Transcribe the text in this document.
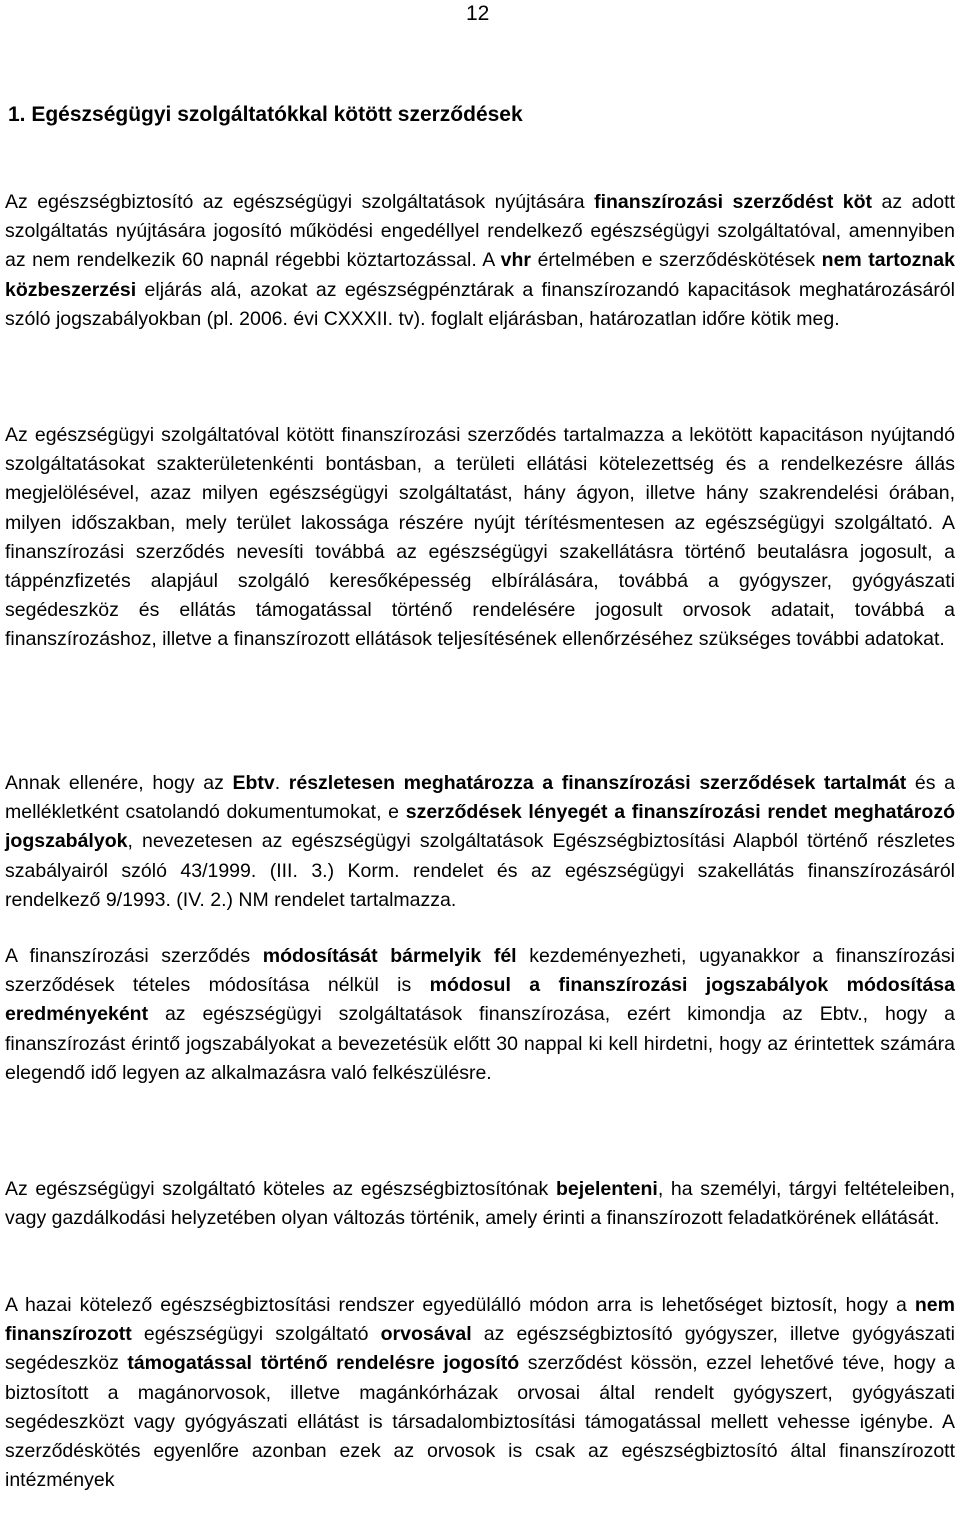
12
1. Egészségügyi szolgáltatókkal kötött szerződések

Az egészségbiztosító az egészségügyi szolgáltatások nyújtására finanszírozási szerződést köt az adott szolgáltatás nyújtására jogosító működési engedéllyel rendelkező egészségügyi szolgáltatóval, amennyiben az nem rendelkezik 60 napnál régebbi köztartozással. A vhr értelmében e szerződéskötések nem tartoznak közbeszerzési eljárás alá, azokat az egészségpénztárak a finanszírozandó kapacitások meghatározásáról szóló jogszabályokban (pl. 2006. évi CXXXII. tv). foglalt eljárásban, határozatlan időre kötik meg.

Az egészségügyi szolgáltatóval kötött finanszírozási szerződés tartalmazza a lekötött kapacitáson nyújtandó szolgáltatásokat szakterületenkénti bontásban, a területi ellátási kötelezettség és a rendelkezésre állás megjelölésével, azaz milyen egészségügyi szolgáltatást, hány ágyon, illetve hány szakrendelési órában, milyen időszakban, mely terület lakossága részére nyújt térítésmentesen az egészségügyi szolgáltató. A finanszírozási szerződés nevesíti továbbá az egészségügyi szakellátásra történő beutalásra jogosult, a táppénzfizetés alapjául szolgáló keresőképesség elbírálására, továbbá a gyógyszer, gyógyászati segédeszköz és ellátás támogatással történő rendelésére jogosult orvosok adatait, továbbá a finanszírozáshoz, illetve a finanszírozott ellátások teljesítésének ellenőrzéséhez szükséges további adatokat.

Annak ellenére, hogy az Ebtv. részletesen meghatározza a finanszírozási szerződések tartalmát és a mellékletként csatolandó dokumentumokat, e szerződések lényegét a finanszírozási rendet meghatározó jogszabályok, nevezetesen az egészségügyi szolgáltatások Egészségbiztosítási Alapból történő részletes szabályairól szóló 43/1999. (III. 3.) Korm. rendelet és az egészségügyi szakellátás finanszírozásáról rendelkező 9/1993. (IV. 2.) NM rendelet tartalmazza.

A finanszírozási szerződés módosítását bármelyik fél kezdeményezheti, ugyanakkor a finanszírozási szerződések tételes módosítása nélkül is módosul a finanszírozási jogszabályok módosítása eredményeként az egészségügyi szolgáltatások finanszírozása, ezért kimondja az Ebtv., hogy a finanszírozást érintő jogszabályokat a bevezetésük előtt 30 nappal ki kell hirdetni, hogy az érintettek számára elegendő idő legyen az alkalmazásra való felkészülésre.

Az egészségügyi szolgáltató köteles az egészségbiztosítónak bejelenteni, ha személyi, tárgyi feltételeiben, vagy gazdálkodási helyzetében olyan változás történik, amely érinti a finanszírozott feladatkörének ellátását.

A hazai kötelező egészségbiztosítási rendszer egyedülálló módon arra is lehetőséget biztosít, hogy a nem finanszírozott egészségügyi szolgáltató orvosával az egészségbiztosító gyógyszer, illetve gyógyászati segédeszköz támogatással történő rendelésre jogosító szerződést kössön, ezzel lehetővé téve, hogy a biztosított a magánorvosok, illetve magánkórházak orvosai által rendelt gyógyszert, gyógyászati segédeszközt vagy gyógyászati ellátást is társadalombiztosítási támogatással mellett vehesse igénybe. A szerződéskötés egyenlőre azonban ezek az orvosok is csak az egészségbiztosító által finanszírozott intézmények
